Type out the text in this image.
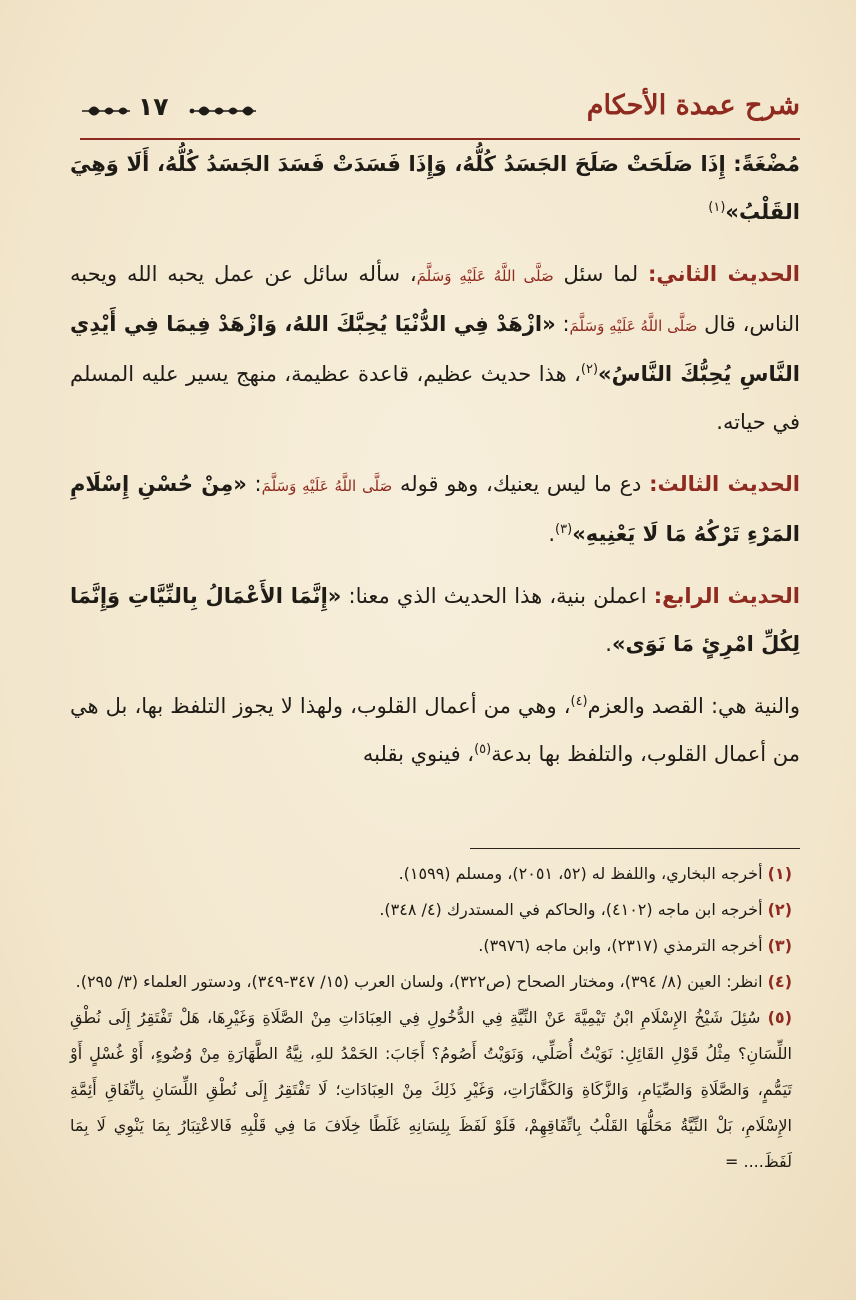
شرح عمدة الأحكام
١٧

مُضْغَةً: إِذَا صَلَحَتْ صَلَحَ الجَسَدُ كُلُّهُ، وَإِذَا فَسَدَتْ فَسَدَ الجَسَدُ كُلُّهُ، أَلَا وَهِيَ القَلْبُ»$^{(١)}$

الحديث الثاني: لما سئل صَلَّى اللَّهُ عَلَيْهِ وَسَلَّمَ، سأله سائل عن عمل يحبه الله ويحبه الناس، قال صَلَّى اللَّهُ عَلَيْهِ وَسَلَّمَ: «ازْهَدْ فِي الدُّنْيَا يُحِبَّكَ اللهُ، وَازْهَدْ فِيمَا فِي أَيْدِي النَّاسِ يُحِبُّكَ النَّاسُ»$^{(٢)}$، هذا حديث عظيم، قاعدة عظيمة، منهج يسير عليه المسلم في حياته.

الحديث الثالث: دع ما ليس يعنيك، وهو قوله صَلَّى اللَّهُ عَلَيْهِ وَسَلَّمَ: «مِنْ حُسْنِ إِسْلَامِ المَرْءِ تَرْكُهُ مَا لَا يَعْنِيهِ»$^{(٣)}$.

الحديث الرابع: اعملن بنية، هذا الحديث الذي معنا: «إِنَّمَا الأَعْمَالُ بِالنِّيَّاتِ وَإِنَّمَا لِكُلِّ امْرِئٍ مَا نَوَى».

والنية هي: القصد والعزم$^{(٤)}$، وهي من أعمال القلوب، ولهذا لا يجوز التلفظ بها، بل هي من أعمال القلوب، والتلفظ بها بدعة$^{(٥)}$، فينوي بقلبه

(١) أخرجه البخاري، واللفظ له (٥٢، ٢٠٥١)، ومسلم (١٥٩٩).
(٢) أخرجه ابن ماجه (٤١٠٢)، والحاكم في المستدرك (٤/ ٣٤٨).
(٣) أخرجه الترمذي (٢٣١٧)، وابن ماجه (٣٩٧٦).
(٤) انظر: العين (٨/ ٣٩٤)، ومختار الصحاح (ص٣٢٢)، ولسان العرب (١٥/ ٣٤٧-٣٤٩)، ودستور العلماء (٣/ ٢٩٥).
(٥) سُئِلَ شَيْخُ الإِسْلَامِ ابْنُ تَيْمِيَّةَ عَنْ النِّيَّةِ فِي الدُّخُولِ فِي العِبَادَاتِ مِنْ الصَّلَاةِ وَغَيْرِهَا، هَلْ تَفْتَقِرُ إِلَى نُطْقِ اللِّسَانِ؟ مِثْلُ قَوْلِ القَائِلِ: نَوَيْتُ أُصَلِّي، وَنَوَيْتُ أَصُومُ؟ أَجَابَ: الحَمْدُ للهِ، نِيَّةُ الطَّهَارَةِ مِنْ وُضُوءٍ، أَوْ غُسْلٍ أَوْ تَيَمُّمٍ، وَالصَّلَاةِ وَالصِّيَامِ، وَالزَّكَاةِ وَالكَفَّارَاتِ، وَغَيْرِ ذَلِكَ مِنْ العِبَادَاتِ؛ لَا تَفْتَقِرُ إِلَى نُطْقِ اللِّسَانِ بِاتِّفَاقِ أَئِمَّةِ الإِسْلَامِ، بَلْ النِّيَّةُ مَحَلُّهَا القَلْبُ بِاتِّفَاقِهِمْ، فَلَوْ لَفَظَ بِلِسَانِهِ غَلَطًا خِلَافَ مَا فِي قَلْبِهِ فَالاعْتِبَارُ بِمَا يَنْوِي لَا بِمَا لَفَظَ.... =
